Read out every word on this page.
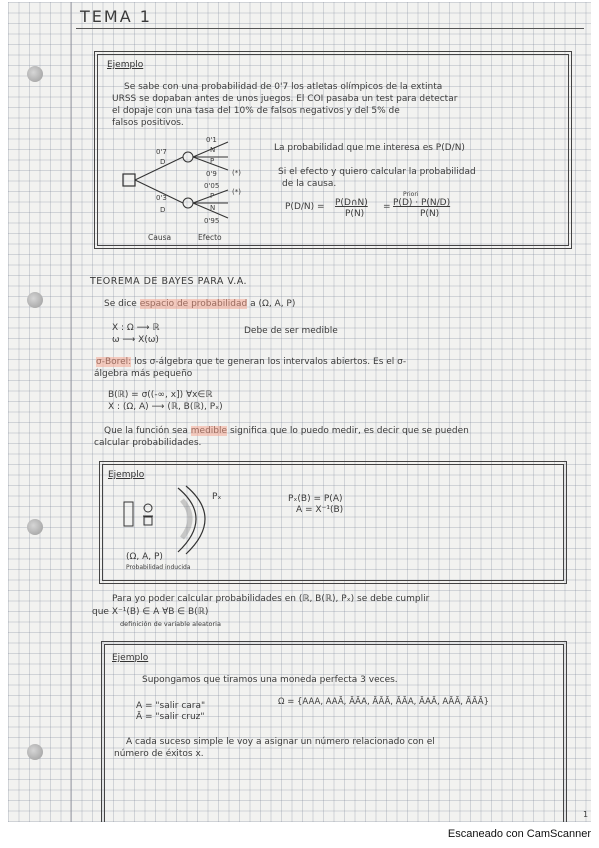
TEMA 1
Ejemplo
Se sabe con una probabilidad de 0'7 los atletas olímpicos de la extinta
URSS se dopaban antes de unos juegos. El COI pasaba un test para detectar
el dopaje con una tasa del 10% de falsos negativos y del 5% de
falsos positivos.
0'7
D
0'3
D
0'1
N
P
0'9
0'05
P
N
0'95
(*)
(*)
Causa	Efecto
La probabilidad que me interesa es P(D/N)
Si el efecto y quiero calcular la probabilidad
de la causa.
Priori
P(D/N) = P(D∩N)
P(N)
= P(D) · P(N/D)
P(N)
TEOREMA DE BAYES PARA V.A.
Se dice espacio de probabilidad a (Ω, A, P)
X : Ω ⟶ ℝ
ω ⟶ X(ω)
Debe de ser medible
σ-Borel: los σ-álgebra que te generan los intervalos abiertos. Es el σ-
álgebra más pequeño
B(ℝ) = σ((-∞, x]) ∀x∈ℝ
X : (Ω, A) ⟶ (ℝ, B(ℝ), Pₓ)
Que la función sea medible significa que lo puedo medir, es decir que se pueden
calcular probabilidades.
Ejemplo
Pₓ
(Ω, A, P)
Probabilidad inducida
Pₓ(B) = P(A)
A = X⁻¹(B)
Para yo poder calcular probabilidades en (ℝ, B(ℝ), Pₓ) se debe cumplir
que X⁻¹(B) ∈ A ∀B ∈ B(ℝ)
definición de variable aleatoria
Ejemplo
Supongamos que tiramos una moneda perfecta 3 veces.
A = "salir cara"
Ā = "salir cruz"
Ω = {AAA, AAĀ, ĀĀA, ĀĀĀ, ĀĀA, ĀAĀ, AĀĀ, ĀĀĀ}
A cada suceso simple le voy a asignar un número relacionado con el
número de éxitos x.
1
Escaneado con CamScanner
